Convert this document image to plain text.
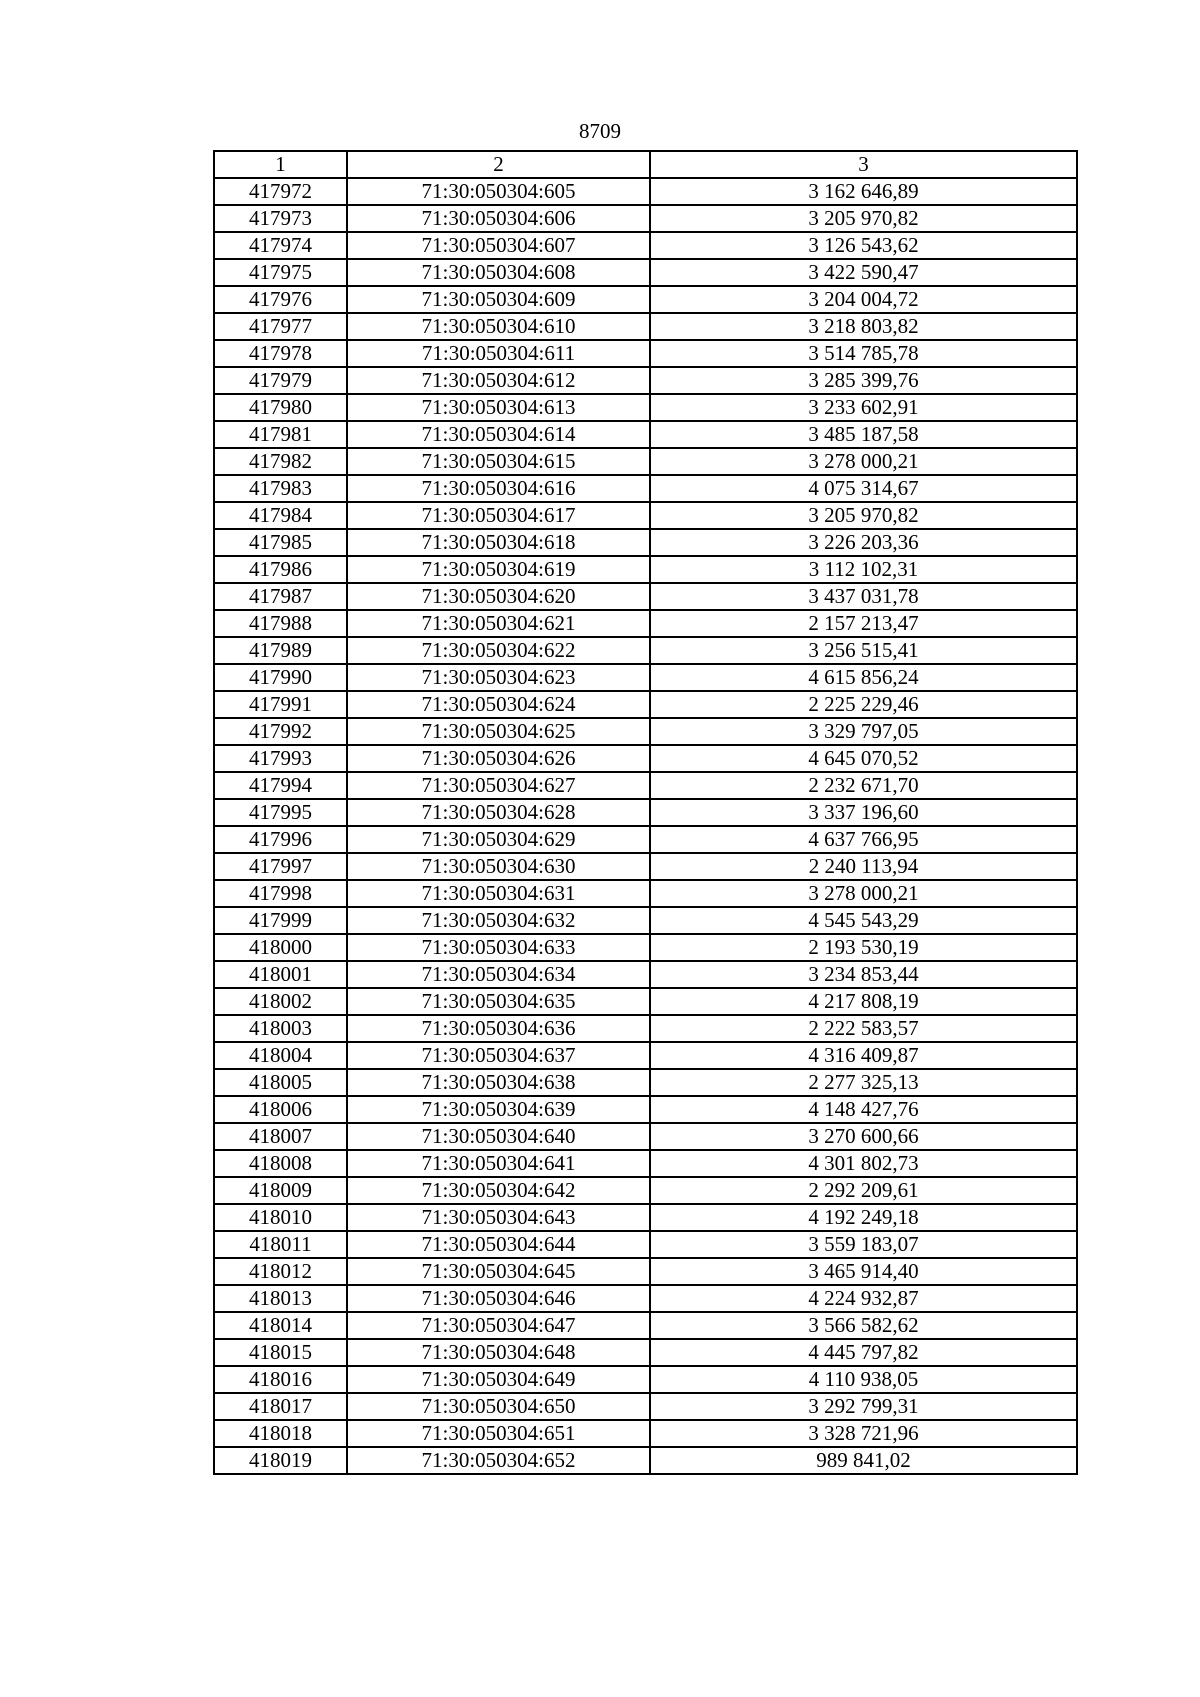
8709
1	2	3
417972	71:30:050304:605	3 162 646,89
417973	71:30:050304:606	3 205 970,82
417974	71:30:050304:607	3 126 543,62
417975	71:30:050304:608	3 422 590,47
417976	71:30:050304:609	3 204 004,72
417977	71:30:050304:610	3 218 803,82
417978	71:30:050304:611	3 514 785,78
417979	71:30:050304:612	3 285 399,76
417980	71:30:050304:613	3 233 602,91
417981	71:30:050304:614	3 485 187,58
417982	71:30:050304:615	3 278 000,21
417983	71:30:050304:616	4 075 314,67
417984	71:30:050304:617	3 205 970,82
417985	71:30:050304:618	3 226 203,36
417986	71:30:050304:619	3 112 102,31
417987	71:30:050304:620	3 437 031,78
417988	71:30:050304:621	2 157 213,47
417989	71:30:050304:622	3 256 515,41
417990	71:30:050304:623	4 615 856,24
417991	71:30:050304:624	2 225 229,46
417992	71:30:050304:625	3 329 797,05
417993	71:30:050304:626	4 645 070,52
417994	71:30:050304:627	2 232 671,70
417995	71:30:050304:628	3 337 196,60
417996	71:30:050304:629	4 637 766,95
417997	71:30:050304:630	2 240 113,94
417998	71:30:050304:631	3 278 000,21
417999	71:30:050304:632	4 545 543,29
418000	71:30:050304:633	2 193 530,19
418001	71:30:050304:634	3 234 853,44
418002	71:30:050304:635	4 217 808,19
418003	71:30:050304:636	2 222 583,57
418004	71:30:050304:637	4 316 409,87
418005	71:30:050304:638	2 277 325,13
418006	71:30:050304:639	4 148 427,76
418007	71:30:050304:640	3 270 600,66
418008	71:30:050304:641	4 301 802,73
418009	71:30:050304:642	2 292 209,61
418010	71:30:050304:643	4 192 249,18
418011	71:30:050304:644	3 559 183,07
418012	71:30:050304:645	3 465 914,40
418013	71:30:050304:646	4 224 932,87
418014	71:30:050304:647	3 566 582,62
418015	71:30:050304:648	4 445 797,82
418016	71:30:050304:649	4 110 938,05
418017	71:30:050304:650	3 292 799,31
418018	71:30:050304:651	3 328 721,96
418019	71:30:050304:652	989 841,02
